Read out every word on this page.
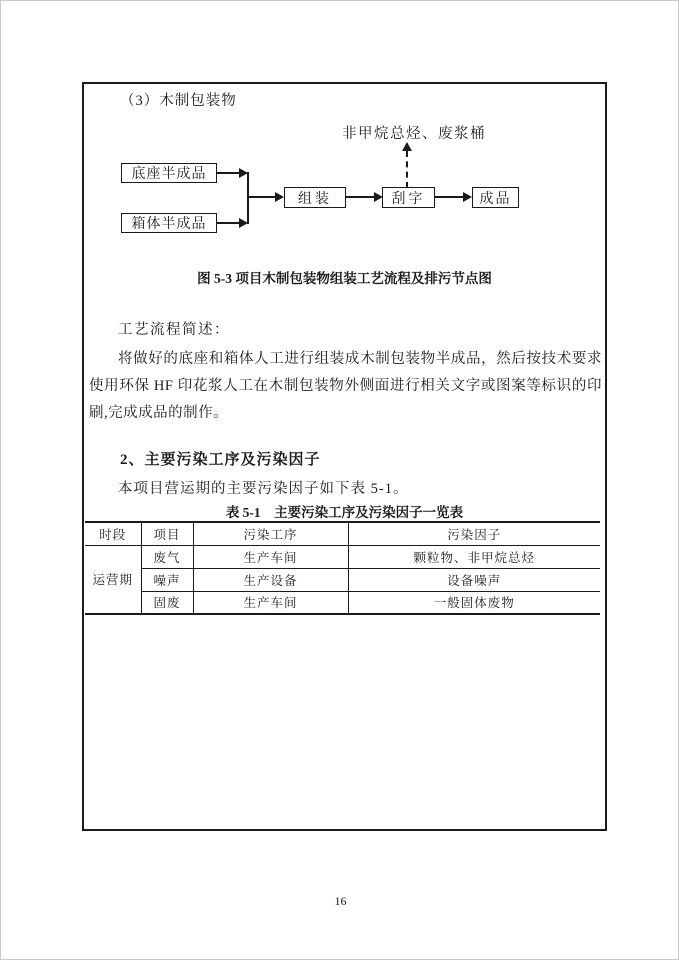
（3）木制包装物
非甲烷总烃、废浆桶
底座半成品
箱体半成品
组装	刮字	成品
图 5-3 项目木制包装物组装工艺流程及排污节点图
工艺流程简述：
将做好的底座和箱体人工进行组装成木制包装物半成品，然后按技术要求使用环保 HF 印花浆人工在木制包装物外侧面进行相关文字或图案等标识的印刷,完成成品的制作。
2、主要污染工序及污染因子
本项目营运期的主要污染因子如下表 5-1。
表 5-1　主要污染工序及污染因子一览表
时段	项目	污染工序	污染因子
运营期	废气	生产车间	颗粒物、非甲烷总烃
	噪声	生产设备	设备噪声
	固废	生产车间	一般固体废物
16
